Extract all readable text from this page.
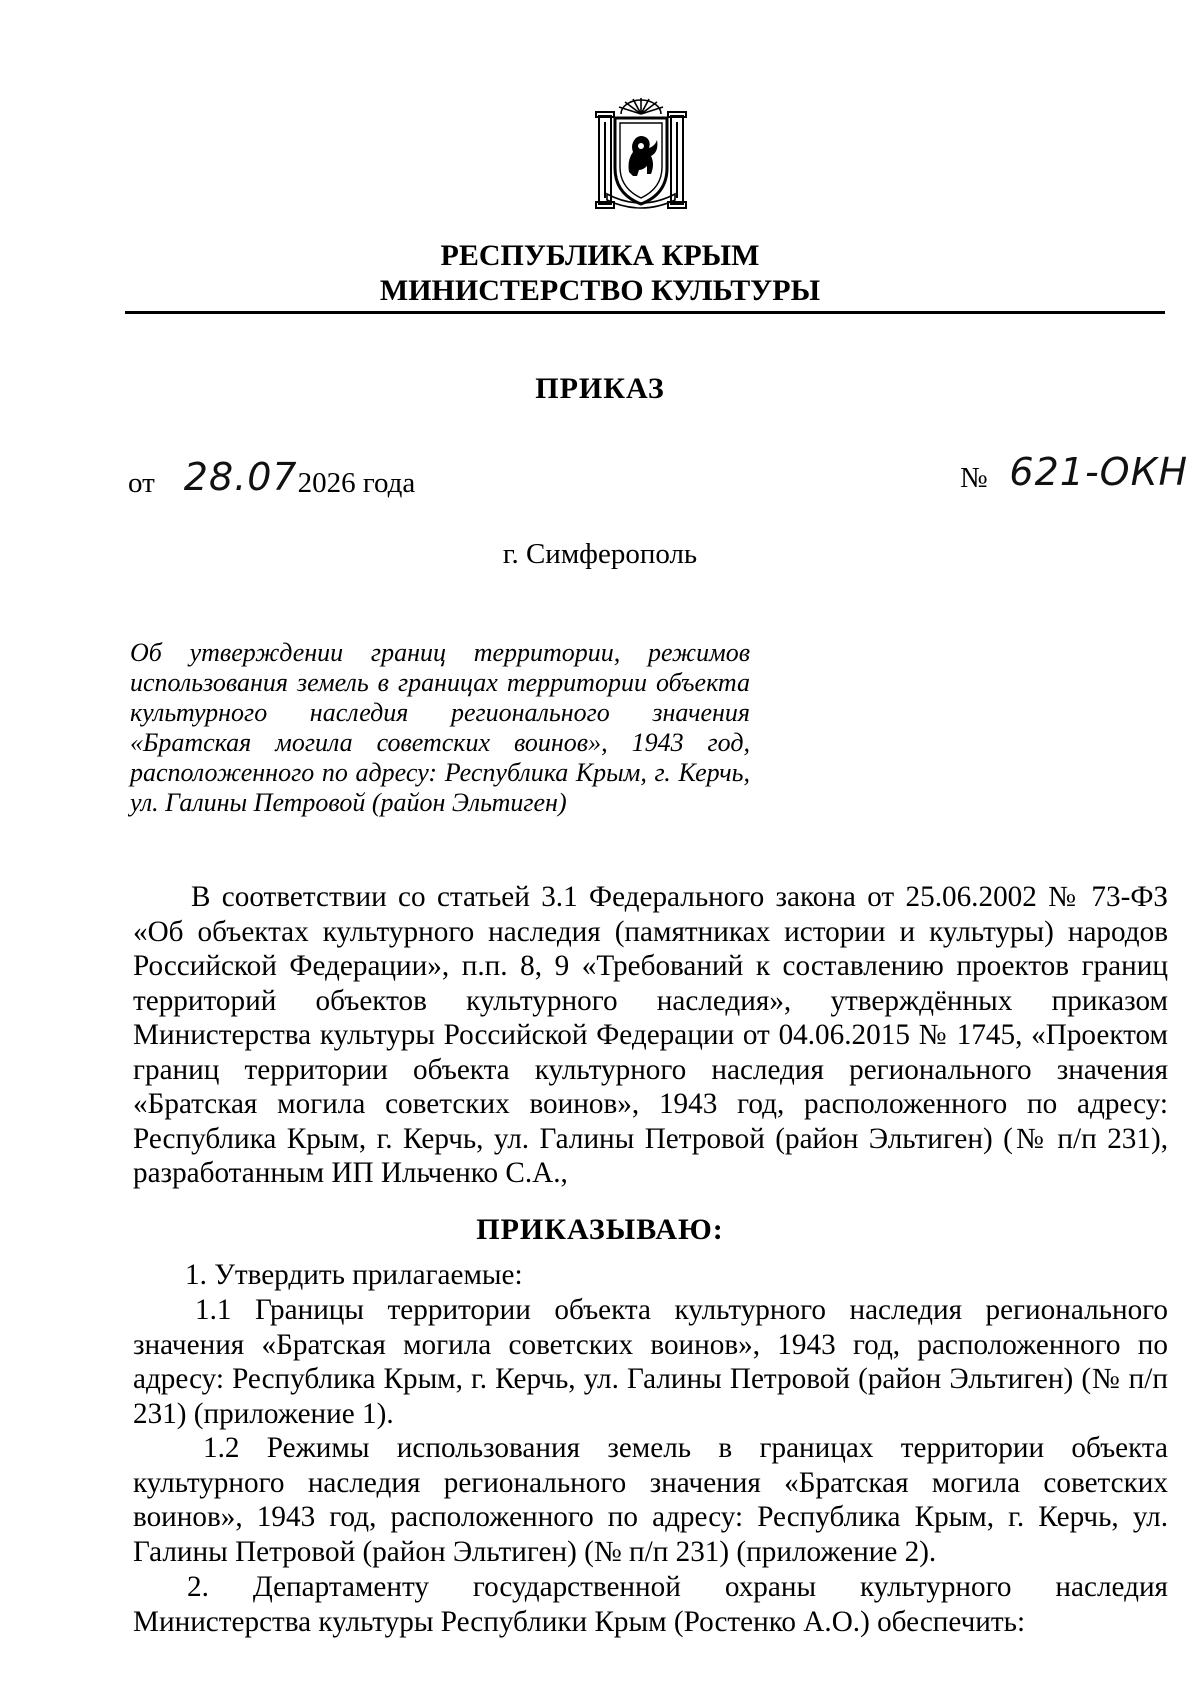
РЕСПУБЛИКА КРЫМ
МИНИСТЕРСТВО КУЛЬТУРЫ
ПРИКАЗ
от 28.072026 года	№ 621-ОКН
г. Симферополь
Об утверждении границ территории, режимов
использования земель в границах территории объекта
культурного наследия регионального значения
«Братская могила советских воинов», 1943 год,
расположенного по адресу: Республика Крым, г. Керчь,
ул. Галины Петровой (район Эльтиген)
В соответствии со статьей 3.1 Федерального закона от 25.06.2002 № 73-ФЗ «Об объектах культурного наследия (памятниках истории и культуры) народов Российской Федерации», п.п. 8, 9 «Требований к составлению проектов границ территорий объектов культурного наследия», утверждённых приказом Министерства культуры Российской Федерации от 04.06.2015 № 1745, «Проектом границ территории объекта культурного наследия регионального значения «Братская могила советских воинов», 1943 год, расположенного по адресу: Республика Крым, г. Керчь, ул. Галины Петровой (район Эльтиген) (№ п/п 231), разработанным ИП Ильченко С.А.,
ПРИКАЗЫВАЮ:
1. Утвердить прилагаемые:
1.1 Границы территории объекта культурного наследия регионального значения «Братская могила советских воинов», 1943 год, расположенного по адресу: Республика Крым, г. Керчь, ул. Галины Петровой (район Эльтиген) (№ п/п 231) (приложение 1).
1.2 Режимы использования земель в границах территории объекта культурного наследия регионального значения «Братская могила советских воинов», 1943 год, расположенного по адресу: Республика Крым, г. Керчь, ул. Галины Петровой (район Эльтиген) (№ п/п 231) (приложение 2).
2. Департаменту государственной охраны культурного наследия Министерства культуры Республики Крым (Ростенко А.О.) обеспечить:
